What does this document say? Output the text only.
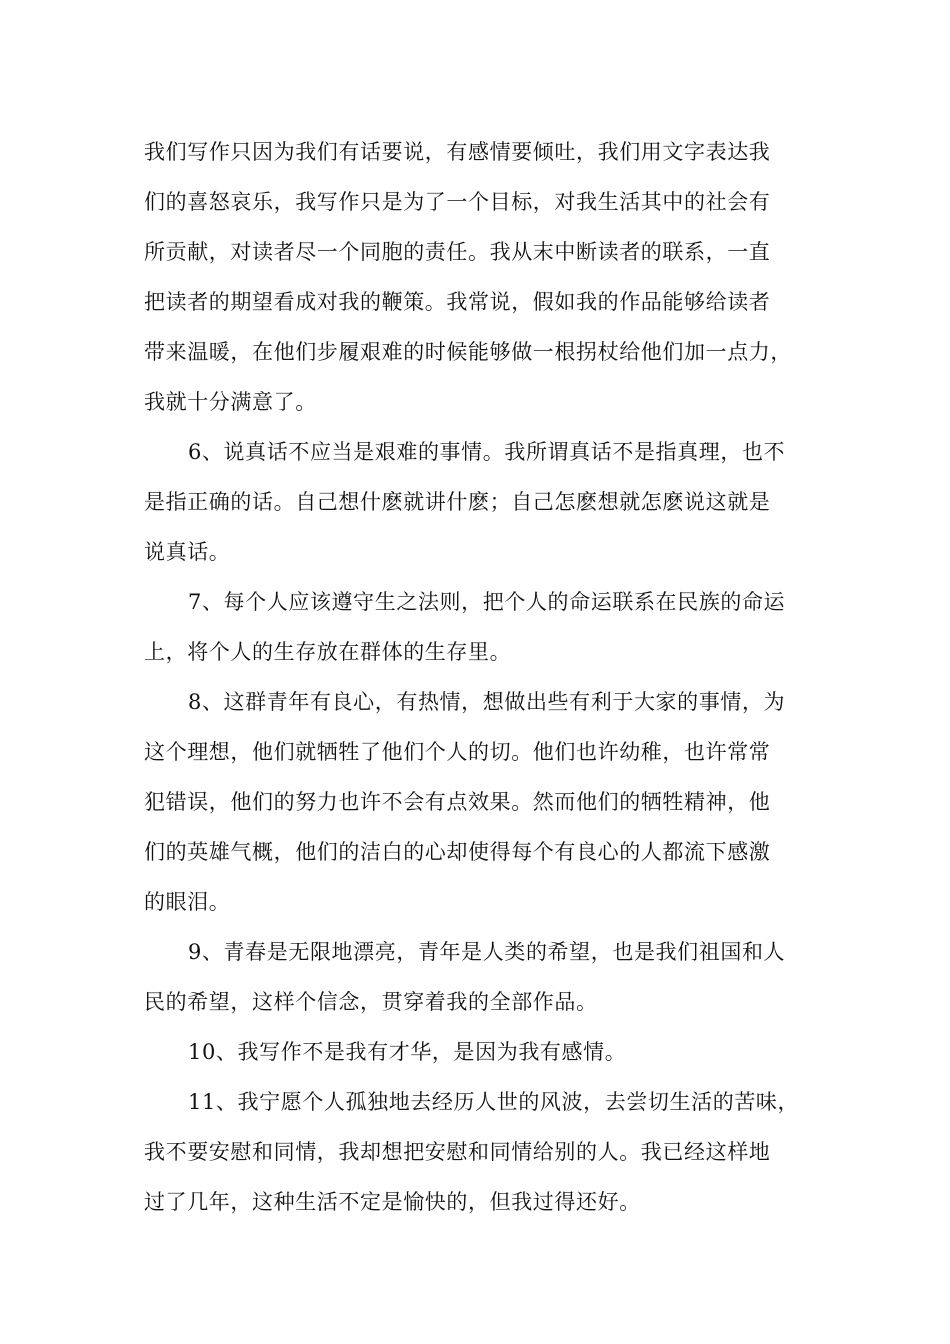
我们写作只因为我们有话要说，有感情要倾吐，我们用文字表达我
们的喜怒哀乐，我写作只是为了一个目标，对我生活其中的社会有
所贡献，对读者尽一个同胞的责任。我从末中断读者的联系，一直
把读者的期望看成对我的鞭策。我常说，假如我的作品能够给读者
带来温暖，在他们步履艰难的时候能够做一根拐杖给他们加一点力，
我就十分满意了。
6、说真话不应当是艰难的事情。我所谓真话不是指真理，也不
是指正确的话。自己想什麽就讲什麽；自己怎麽想就怎麽说这就是
说真话。
7、每个人应该遵守生之法则，把个人的命运联系在民族的命运
上，将个人的生存放在群体的生存里。
8、这群青年有良心，有热情，想做出些有利于大家的事情，为
这个理想，他们就牺牲了他们个人的切。他们也许幼稚，也许常常
犯错误，他们的努力也许不会有点效果。然而他们的牺牲精神，他
们的英雄气概，他们的洁白的心却使得每个有良心的人都流下感激
的眼泪。
9、青春是无限地漂亮，青年是人类的希望，也是我们祖国和人
民的希望，这样个信念，贯穿着我的全部作品。
10、我写作不是我有才华，是因为我有感情。
11、我宁愿个人孤独地去经历人世的风波，去尝切生活的苦味，
我不要安慰和同情，我却想把安慰和同情给别的人。我已经这样地
过了几年，这种生活不定是愉快的，但我过得还好。
